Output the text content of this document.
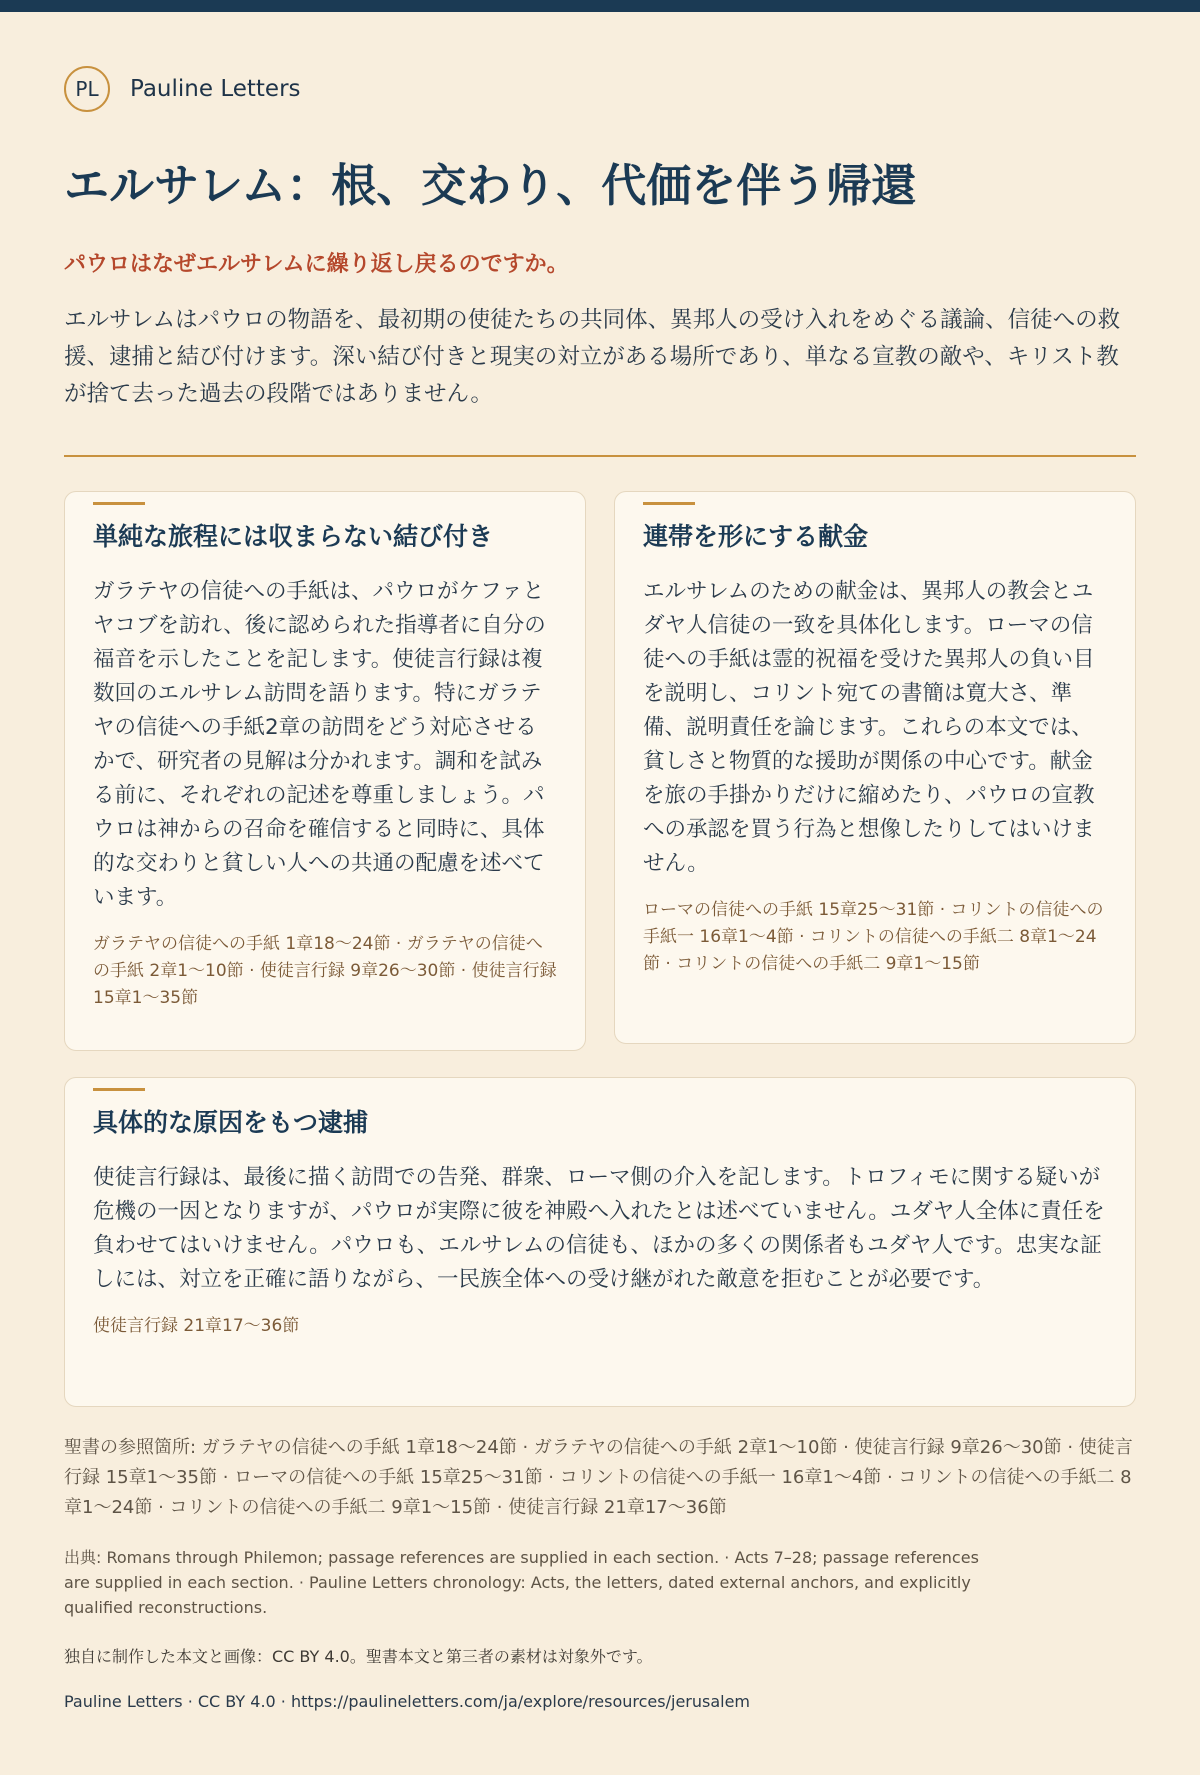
PL	Pauline Letters
エルサレム：根、交わり、代価を伴う帰還
パウロはなぜエルサレムに繰り返し戻るのですか。
エルサレムはパウロの物語を、最初期の使徒たちの共同体、異邦人の受け入れをめぐる議論、信徒への救援、逮捕と結び付けます。深い結び付きと現実の対立がある場所であり、単なる宣教の敵や、キリスト教が捨て去った過去の段階ではありません。
単純な旅程には収まらない結び付き
ガラテヤの信徒への手紙は、パウロがケファとヤコブを訪れ、後に認められた指導者に自分の福音を示したことを記します。使徒言行録は複数回のエルサレム訪問を語ります。特にガラテヤの信徒への手紙2章の訪問をどう対応させるかで、研究者の見解は分かれます。調和を試みる前に、それぞれの記述を尊重しましょう。パウロは神からの召命を確信すると同時に、具体的な交わりと貧しい人への共通の配慮を述べています。
ガラテヤの信徒への手紙 1章18〜24節 · ガラテヤの信徒への手紙 2章1〜10節 · 使徒言行録 9章26〜30節 · 使徒言行録 15章1〜35節
連帯を形にする献金
エルサレムのための献金は、異邦人の教会とユダヤ人信徒の一致を具体化します。ローマの信徒への手紙は霊的祝福を受けた異邦人の負い目を説明し、コリント宛ての書簡は寛大さ、準備、説明責任を論じます。これらの本文では、貧しさと物質的な援助が関係の中心です。献金を旅の手掛かりだけに縮めたり、パウロの宣教への承認を買う行為と想像したりしてはいけません。
ローマの信徒への手紙 15章25〜31節 · コリントの信徒への手紙一 16章1〜4節 · コリントの信徒への手紙二 8章1〜24節 · コリントの信徒への手紙二 9章1〜15節
具体的な原因をもつ逮捕
使徒言行録は、最後に描く訪問での告発、群衆、ローマ側の介入を記します。トロフィモに関する疑いが危機の一因となりますが、パウロが実際に彼を神殿へ入れたとは述べていません。ユダヤ人全体に責任を負わせてはいけません。パウロも、エルサレムの信徒も、ほかの多くの関係者もユダヤ人です。忠実な証しには、対立を正確に語りながら、一民族全体への受け継がれた敵意を拒むことが必要です。
使徒言行録 21章17〜36節
聖書の参照箇所: ガラテヤの信徒への手紙 1章18〜24節 · ガラテヤの信徒への手紙 2章1〜10節 · 使徒言行録 9章26〜30節 · 使徒言行録 15章1〜35節 · ローマの信徒への手紙 15章25〜31節 · コリントの信徒への手紙一 16章1〜4節 · コリントの信徒への手紙二 8章1〜24節 · コリントの信徒への手紙二 9章1〜15節 · 使徒言行録 21章17〜36節
出典: Romans through Philemon; passage references are supplied in each section. · Acts 7–28; passage references are supplied in each section. · Pauline Letters chronology: Acts, the letters, dated external anchors, and explicitly qualified reconstructions.
独自に制作した本文と画像：CC BY 4.0。聖書本文と第三者の素材は対象外です。
Pauline Letters · CC BY 4.0 · https://paulineletters.com/ja/explore/resources/jerusalem
